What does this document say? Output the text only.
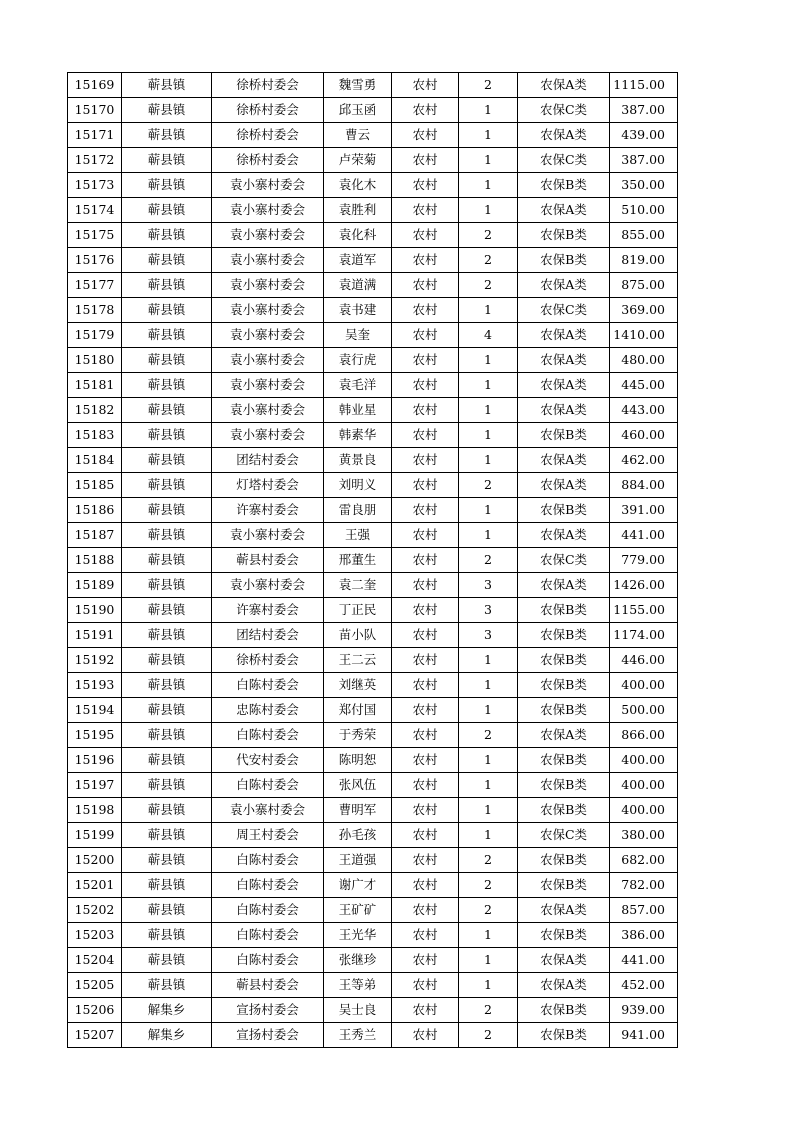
15169	蕲县镇	徐桥村委会	魏雪勇	农村	2	农保A类	1115.00
15170	蕲县镇	徐桥村委会	邱玉函	农村	1	农保C类	387.00
15171	蕲县镇	徐桥村委会	曹云	农村	1	农保A类	439.00
15172	蕲县镇	徐桥村委会	卢荣菊	农村	1	农保C类	387.00
15173	蕲县镇	袁小寨村委会	袁化木	农村	1	农保B类	350.00
15174	蕲县镇	袁小寨村委会	袁胜利	农村	1	农保A类	510.00
15175	蕲县镇	袁小寨村委会	袁化科	农村	2	农保B类	855.00
15176	蕲县镇	袁小寨村委会	袁道军	农村	2	农保B类	819.00
15177	蕲县镇	袁小寨村委会	袁道满	农村	2	农保A类	875.00
15178	蕲县镇	袁小寨村委会	袁书建	农村	1	农保C类	369.00
15179	蕲县镇	袁小寨村委会	吴奎	农村	4	农保A类	1410.00
15180	蕲县镇	袁小寨村委会	袁行虎	农村	1	农保A类	480.00
15181	蕲县镇	袁小寨村委会	袁毛洋	农村	1	农保A类	445.00
15182	蕲县镇	袁小寨村委会	韩业星	农村	1	农保A类	443.00
15183	蕲县镇	袁小寨村委会	韩素华	农村	1	农保B类	460.00
15184	蕲县镇	团结村委会	黄景良	农村	1	农保A类	462.00
15185	蕲县镇	灯塔村委会	刘明义	农村	2	农保A类	884.00
15186	蕲县镇	许寨村委会	雷良朋	农村	1	农保B类	391.00
15187	蕲县镇	袁小寨村委会	王强	农村	1	农保A类	441.00
15188	蕲县镇	蕲县村委会	邢董生	农村	2	农保C类	779.00
15189	蕲县镇	袁小寨村委会	袁二奎	农村	3	农保A类	1426.00
15190	蕲县镇	许寨村委会	丁正民	农村	3	农保B类	1155.00
15191	蕲县镇	团结村委会	苗小队	农村	3	农保B类	1174.00
15192	蕲县镇	徐桥村委会	王二云	农村	1	农保B类	446.00
15193	蕲县镇	白陈村委会	刘继英	农村	1	农保B类	400.00
15194	蕲县镇	忠陈村委会	郑付国	农村	1	农保B类	500.00
15195	蕲县镇	白陈村委会	于秀荣	农村	2	农保A类	866.00
15196	蕲县镇	代安村委会	陈明恕	农村	1	农保B类	400.00
15197	蕲县镇	白陈村委会	张风伍	农村	1	农保B类	400.00
15198	蕲县镇	袁小寨村委会	曹明军	农村	1	农保B类	400.00
15199	蕲县镇	周王村委会	孙毛孩	农村	1	农保C类	380.00
15200	蕲县镇	白陈村委会	王道强	农村	2	农保B类	682.00
15201	蕲县镇	白陈村委会	谢广才	农村	2	农保B类	782.00
15202	蕲县镇	白陈村委会	王矿矿	农村	2	农保A类	857.00
15203	蕲县镇	白陈村委会	王光华	农村	1	农保B类	386.00
15204	蕲县镇	白陈村委会	张继珍	农村	1	农保A类	441.00
15205	蕲县镇	蕲县村委会	王等弟	农村	1	农保A类	452.00
15206	解集乡	宣扬村委会	吴士良	农村	2	农保B类	939.00
15207	解集乡	宣扬村委会	王秀兰	农村	2	农保B类	941.00
